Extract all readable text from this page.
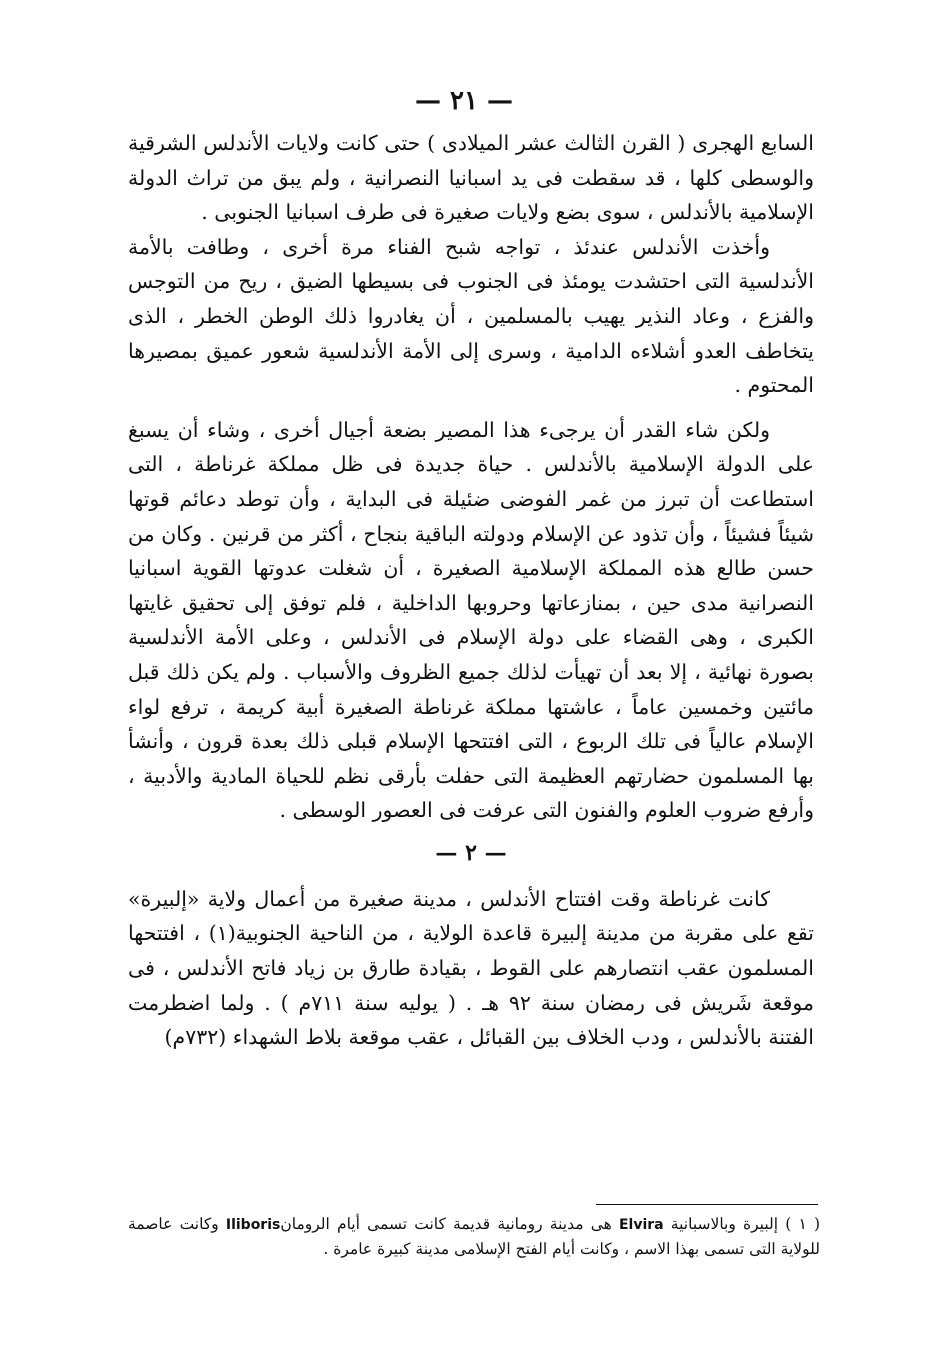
— ٢١ —

السابع الهجرى ( القرن الثالث عشر الميلادى ) حتى كانت ولايات الأندلس الشرقية والوسطى كلها ، قد سقطت فى يد اسبانيا النصرانية ، ولم يبق من تراث الدولة الإسلامية بالأندلس ، سوى بضع ولايات صغيرة فى طرف اسبانيا الجنوبى .

وأخذت الأندلس عندئذ ، تواجه شبح الفناء مرة أخرى ، وطافت بالأمة الأندلسية التى احتشدت يومئذ فى الجنوب فى بسيطها الضيق ، ريح من التوجس والفزع ، وعاد النذير يهيب بالمسلمين ، أن يغادروا ذلك الوطن الخطر ، الذى يتخاطف العدو أشلاءه الدامية ، وسرى إلى الأمة الأندلسية شعور عميق بمصيرها المحتوم .

ولكن شاء القدر أن يرجىء هذا المصير بضعة أجيال أخرى ، وشاء أن يسبغ على الدولة الإسلامية بالأندلس . حياة جديدة فى ظل مملكة غرناطة ، التى استطاعت أن تبرز من غمر الفوضى ضئيلة فى البداية ، وأن توطد دعائم قوتها شيئاً فشيئاً ، وأن تذود عن الإسلام ودولته الباقية بنجاح ، أكثر من قرنين . وكان من حسن طالع هذه المملكة الإسلامية الصغيرة ، أن شغلت عدوتها القوية اسبانيا النصرانية مدى حين ، بمنازعاتها وحروبها الداخلية ، فلم توفق إلى تحقيق غايتها الكبرى ، وهى القضاء على دولة الإسلام فى الأندلس ، وعلى الأمة الأندلسية بصورة نهائية ، إلا بعد أن تهيأت لذلك جميع الظروف والأسباب . ولم يكن ذلك قبل مائتين وخمسين عاماً ، عاشتها مملكة غرناطة الصغيرة أبية كريمة ، ترفع لواء الإسلام عالياً فى تلك الربوع ، التى افتتحها الإسلام قبلى ذلك بعدة قرون ، وأنشأ بها المسلمون حضارتهم العظيمة التى حفلت بأرقى نظم للحياة المادية والأدبية ، وأرفع ضروب العلوم والفنون التى عرفت فى العصور الوسطى .

— ٢ —

كانت غرناطة وقت افتتاح الأندلس ، مدينة صغيرة من أعمال ولاية «إلبيرة» تقع على مقربة من مدينة إلبيرة قاعدة الولاية ، من الناحية الجنوبية(١) ، افتتحها المسلمون عقب انتصارهم على القوط ، بقيادة طارق بن زياد فاتح الأندلس ، فى موقعة شَريش فى رمضان سنة ٩٢ هـ . ( يوليه سنة ٧١١م ) . ولما اضطرمت الفتنة بالأندلس ، ودب الخلاف بين القبائل ، عقب موقعة بلاط الشهداء (٧٣٢م)

( ١ ) إلبيرة وبالاسبانية Elvira هى مدينة رومانية قديمة كانت تسمى أيام الرومانIliboris وكانت عاصمة للولاية التى تسمى بهذا الاسم ، وكانت أيام الفتح الإسلامى مدينة كبيرة عامرة .
